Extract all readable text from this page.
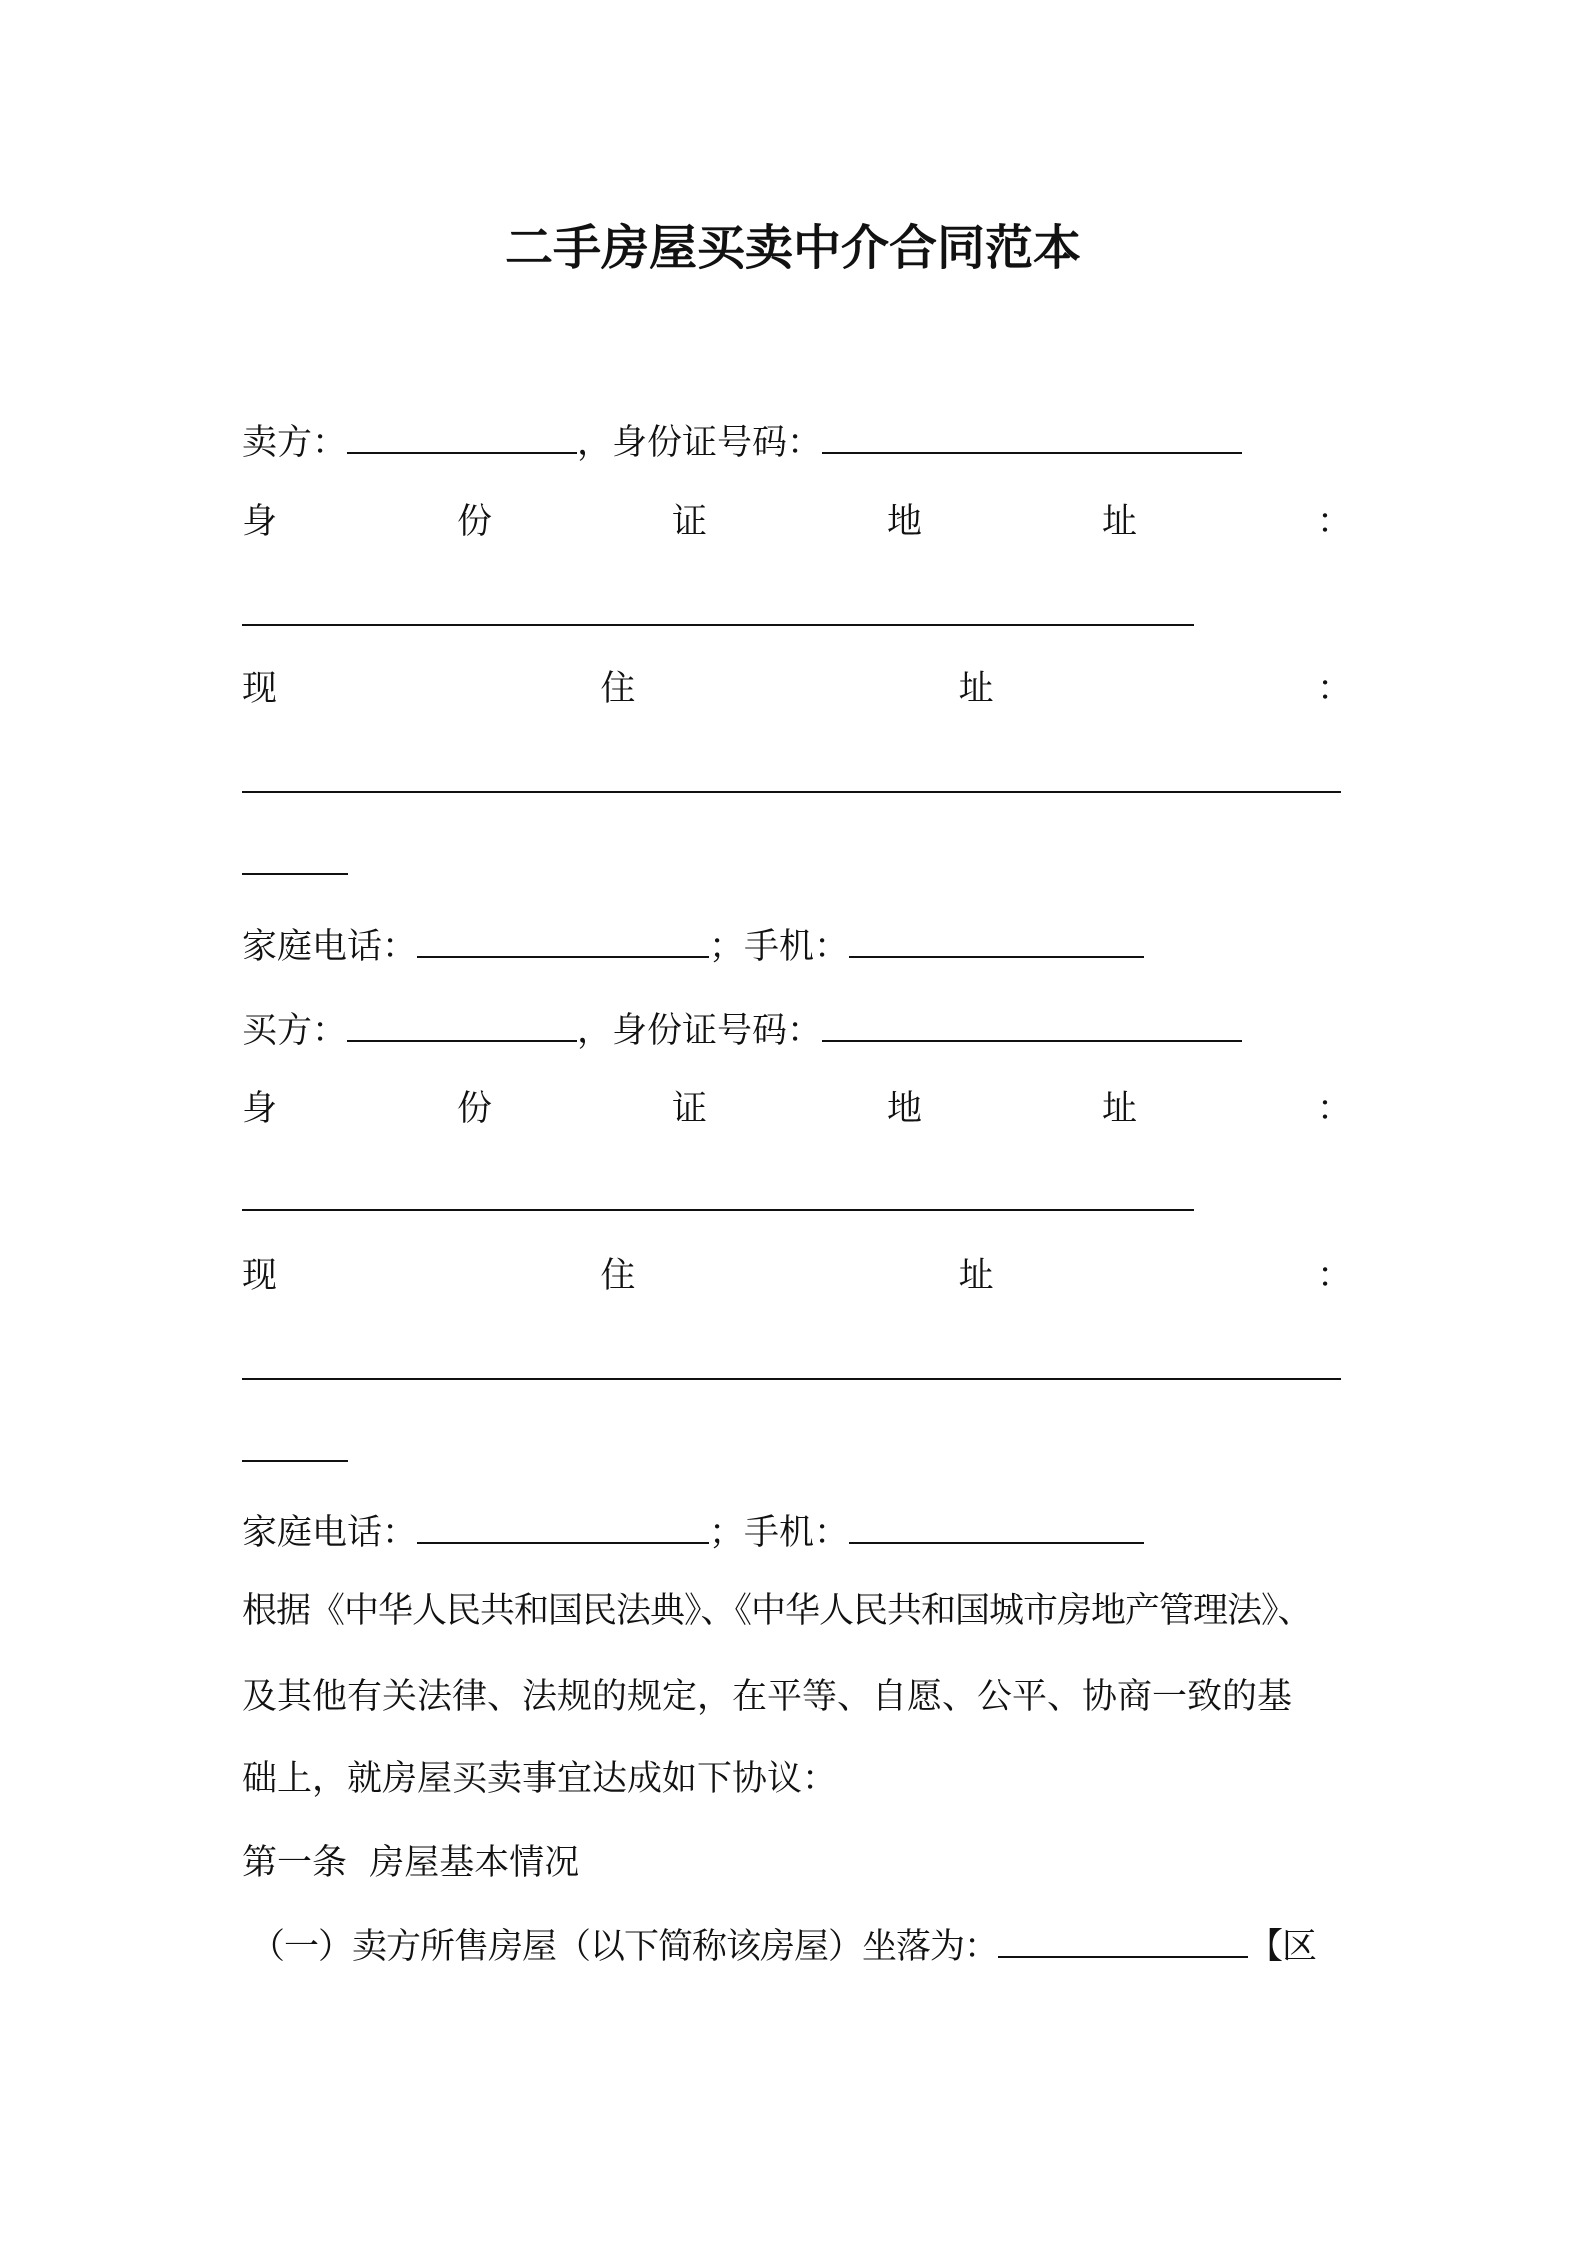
二手房屋买卖中介合同范本
卖方：	，身份证号码：
身	份	证	地	址	：
现	住	址	：
家庭电话：	；手机：
买方：	，身份证号码：
身	份	证	地	址	：
现	住	址	：
家庭电话：	；手机：
根据《中华人民共和国民法典》、《中华人民共和国城市房地产管理法》、
及其他有关法律、法规的规定，在平等、自愿、公平、协商一致的基
础上，就房屋买卖事宜达成如下协议：
第一条  房屋基本情况
（一）卖方所售房屋（以下简称该房屋）坐落为：	【区
